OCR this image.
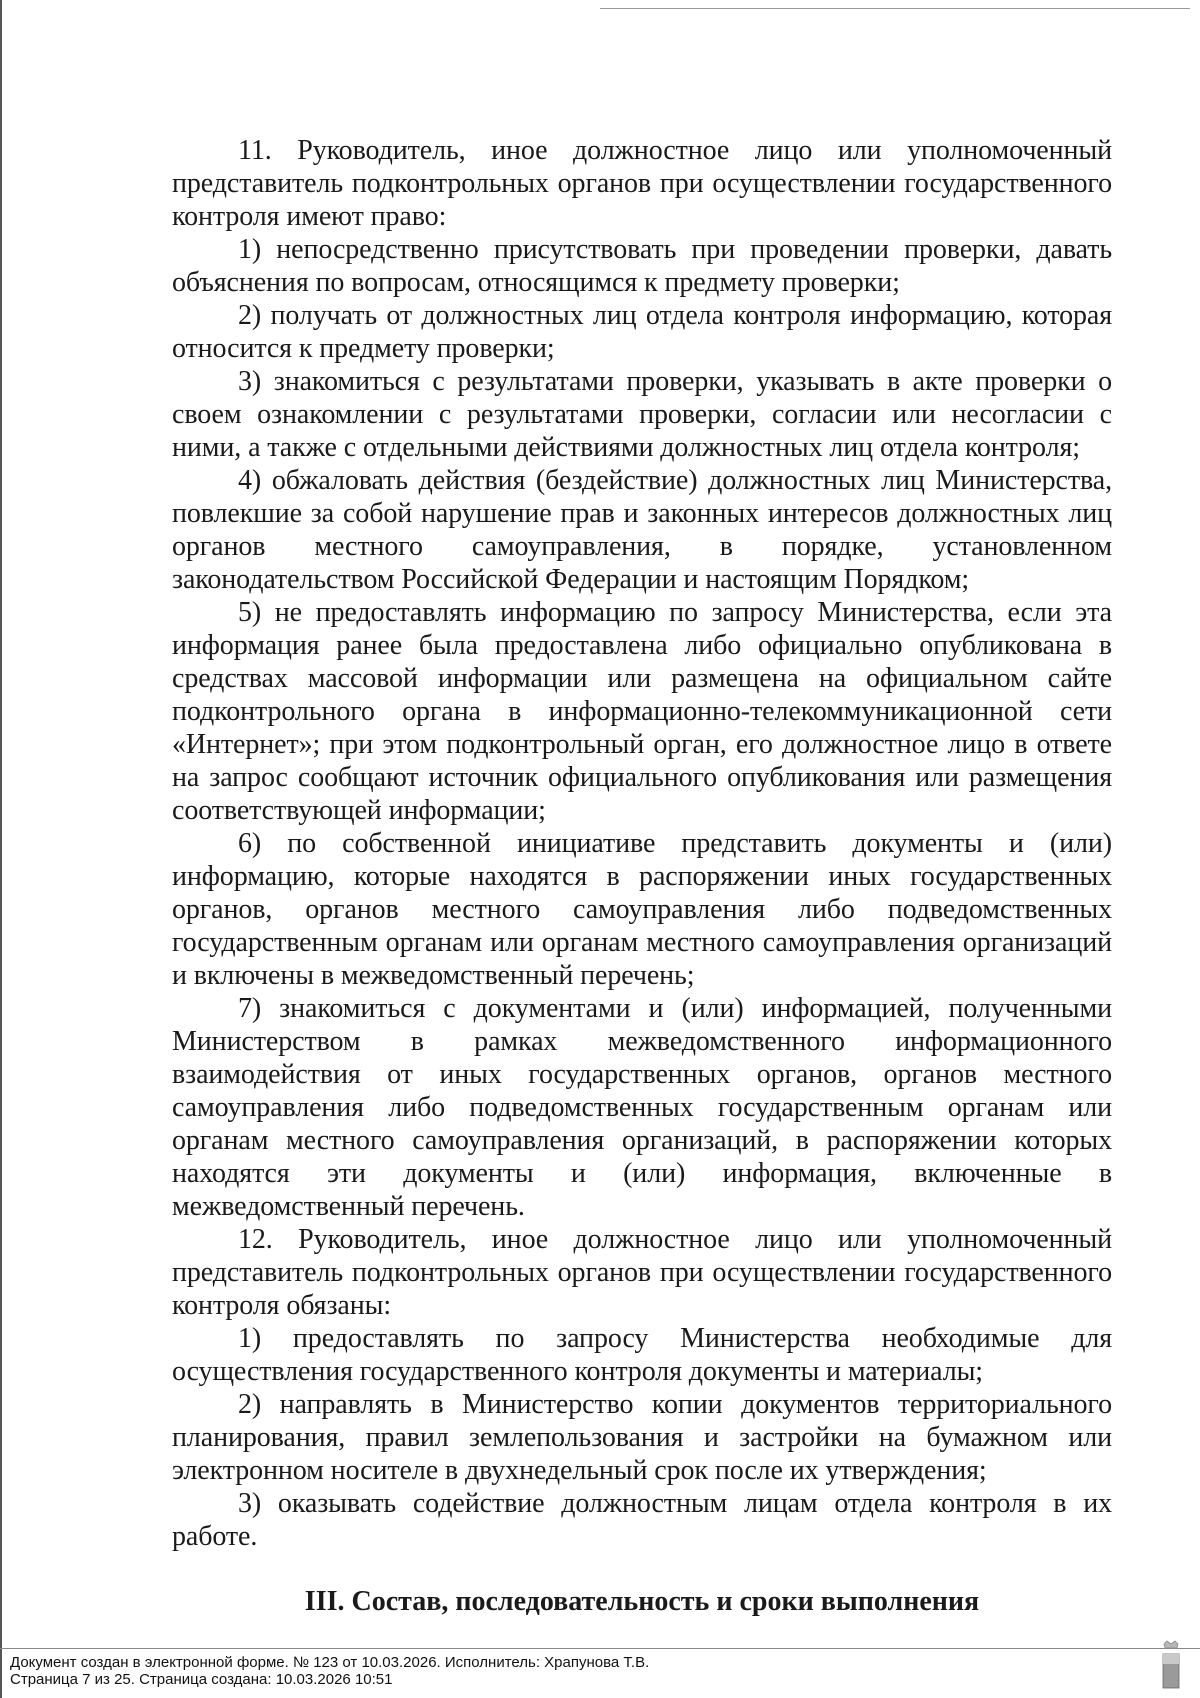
11. Руководитель, иное должностное лицо или уполномоченный представитель подконтрольных органов при осуществлении государственного контроля имеют право:

1) непосредственно присутствовать при проведении проверки, давать объяснения по вопросам, относящимся к предмету проверки;

2) получать от должностных лиц отдела контроля информацию, которая относится к предмету проверки;

3) знакомиться с результатами проверки, указывать в акте проверки о своем ознакомлении с результатами проверки, согласии или несогласии с ними, а также с отдельными действиями должностных лиц отдела контроля;

4) обжаловать действия (бездействие) должностных лиц Министерства, повлекшие за собой нарушение прав и законных интересов должностных лиц органов местного самоуправления, в порядке, установленном законодательством Российской Федерации и настоящим Порядком;

5) не предоставлять информацию по запросу Министерства, если эта информация ранее была предоставлена либо официально опубликована в средствах массовой информации или размещена на официальном сайте подконтрольного органа в информационно-телекоммуникационной сети «Интернет»; при этом подконтрольный орган, его должностное лицо в ответе на запрос сообщают источник официального опубликования или размещения соответствующей информации;

6) по собственной инициативе представить документы и (или) информацию, которые находятся в распоряжении иных государственных органов, органов местного самоуправления либо подведомственных государственным органам или органам местного самоуправления организаций и включены в межведомственный перечень;

7) знакомиться с документами и (или) информацией, полученными Министерством в рамках межведомственного информационного взаимодействия от иных государственных органов, органов местного самоуправления либо подведомственных государственным органам или органам местного самоуправления организаций, в распоряжении которых находятся эти документы и (или) информация, включенные в межведомственный перечень.

12. Руководитель, иное должностное лицо или уполномоченный представитель подконтрольных органов при осуществлении государственного контроля обязаны:

1) предоставлять по запросу Министерства необходимые для осуществления государственного контроля документы и материалы;

2) направлять в Министерство копии документов территориального планирования, правил землепользования и застройки на бумажном или электронном носителе в двухнедельный срок после их утверждения;

3) оказывать содействие должностным лицам отдела контроля в их работе.

III. Состав, последовательность и сроки выполнения
Документ создан в электронной форме. № 123 от 10.03.2026. Исполнитель: Храпунова Т.В.
Страница 7 из 25. Страница создана: 10.03.2026 10:51
